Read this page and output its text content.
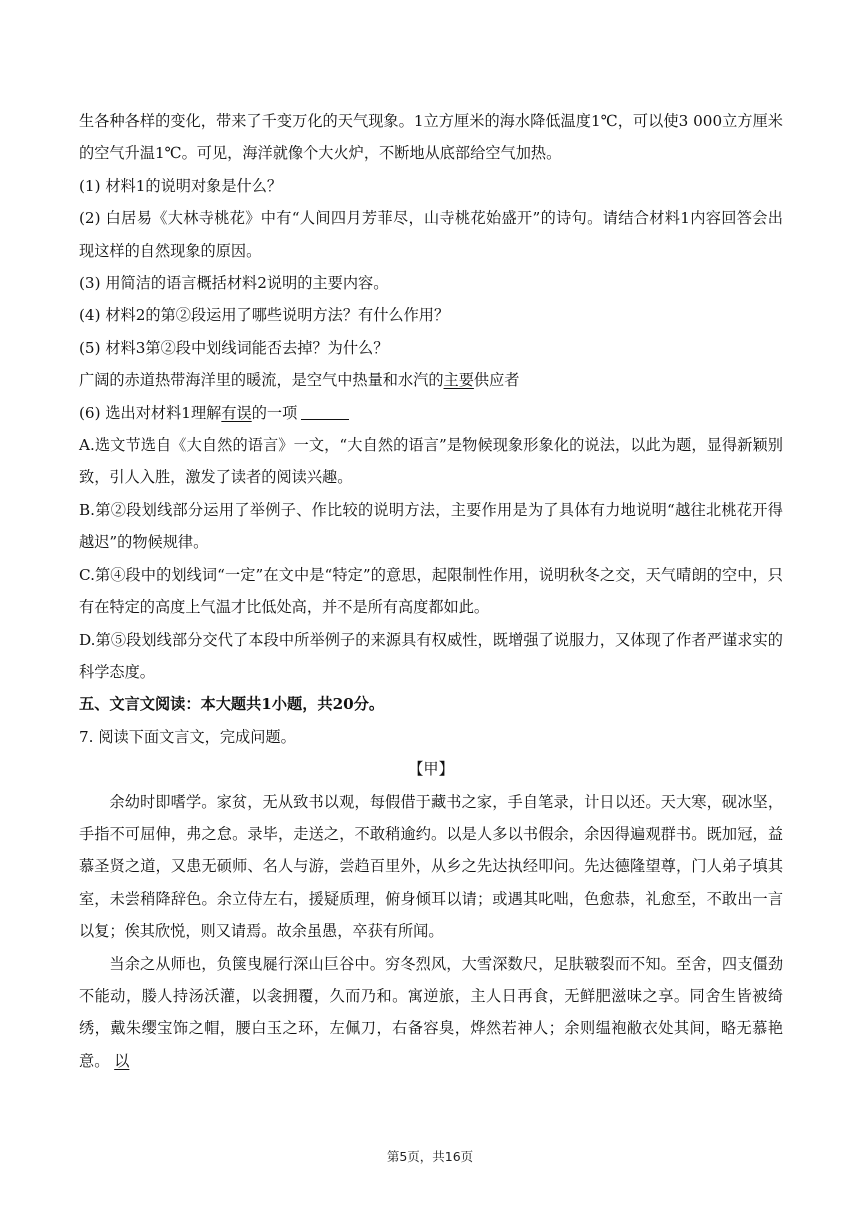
生各种各样的变化，带来了千变万化的天气现象。1立方厘米的海水降低温度1℃，可以使3 000立方厘米的空气升温1℃。可见，海洋就像个大火炉，不断地从底部给空气加热。

(1) 材料1的说明对象是什么？

(2) 白居易《大林寺桃花》中有“人间四月芳菲尽，山寺桃花始盛开”的诗句。请结合材料1内容回答会出现这样的自然现象的原因。

(3) 用简洁的语言概括材料2说明的主要内容。

(4) 材料2的第②段运用了哪些说明方法？有什么作用？

(5) 材料3第②段中划线词能否去掉？为什么？

广阔的赤道热带海洋里的暖流，是空气中热量和水汽的主要供应者

(6) 选出对材料1理解有误的一项

A.选文节选自《大自然的语言》一文，“大自然的语言”是物候现象形象化的说法，以此为题，显得新颖别致，引人入胜，激发了读者的阅读兴趣。

B.第②段划线部分运用了举例子、作比较的说明方法，主要作用是为了具体有力地说明“越往北桃花开得越迟”的物候规律。

C.第④段中的划线词“一定”在文中是“特定”的意思，起限制性作用，说明秋冬之交，天气晴朗的空中，只有在特定的高度上气温才比低处高，并不是所有高度都如此。

D.第⑤段划线部分交代了本段中所举例子的来源具有权威性，既增强了说服力，又体现了作者严谨求实的科学态度。

五、文言文阅读：本大题共1小题，共20分。

7. 阅读下面文言文，完成问题。

【甲】

余幼时即嗜学。家贫，无从致书以观，每假借于藏书之家，手自笔录，计日以还。天大寒，砚冰坚，手指不可屈伸，弗之怠。录毕，走送之，不敢稍逾约。以是人多以书假余，余因得遍观群书。既加冠，益慕圣贤之道，又患无硕师、名人与游，尝趋百里外，从乡之先达执经叩问。先达德隆望尊，门人弟子填其室，未尝稍降辞色。余立侍左右，援疑质理，俯身倾耳以请；或遇其叱咄，色愈恭，礼愈至，不敢出一言以复；俟其欣悦，则又请焉。故余虽愚，卒获有所闻。

当余之从师也，负箧曳屣行深山巨谷中。穷冬烈风，大雪深数尺，足肤皲裂而不知。至舍，四支僵劲不能动，媵人持汤沃灌，以衾拥覆，久而乃和。寓逆旅，主人日再食，无鲜肥滋味之享。同舍生皆被绮绣，戴朱缨宝饰之帽，腰白玉之环，左佩刀，右备容臭，烨然若神人；余则缊袍敝衣处其间，略无慕艳意。 以

第5页，共16页
